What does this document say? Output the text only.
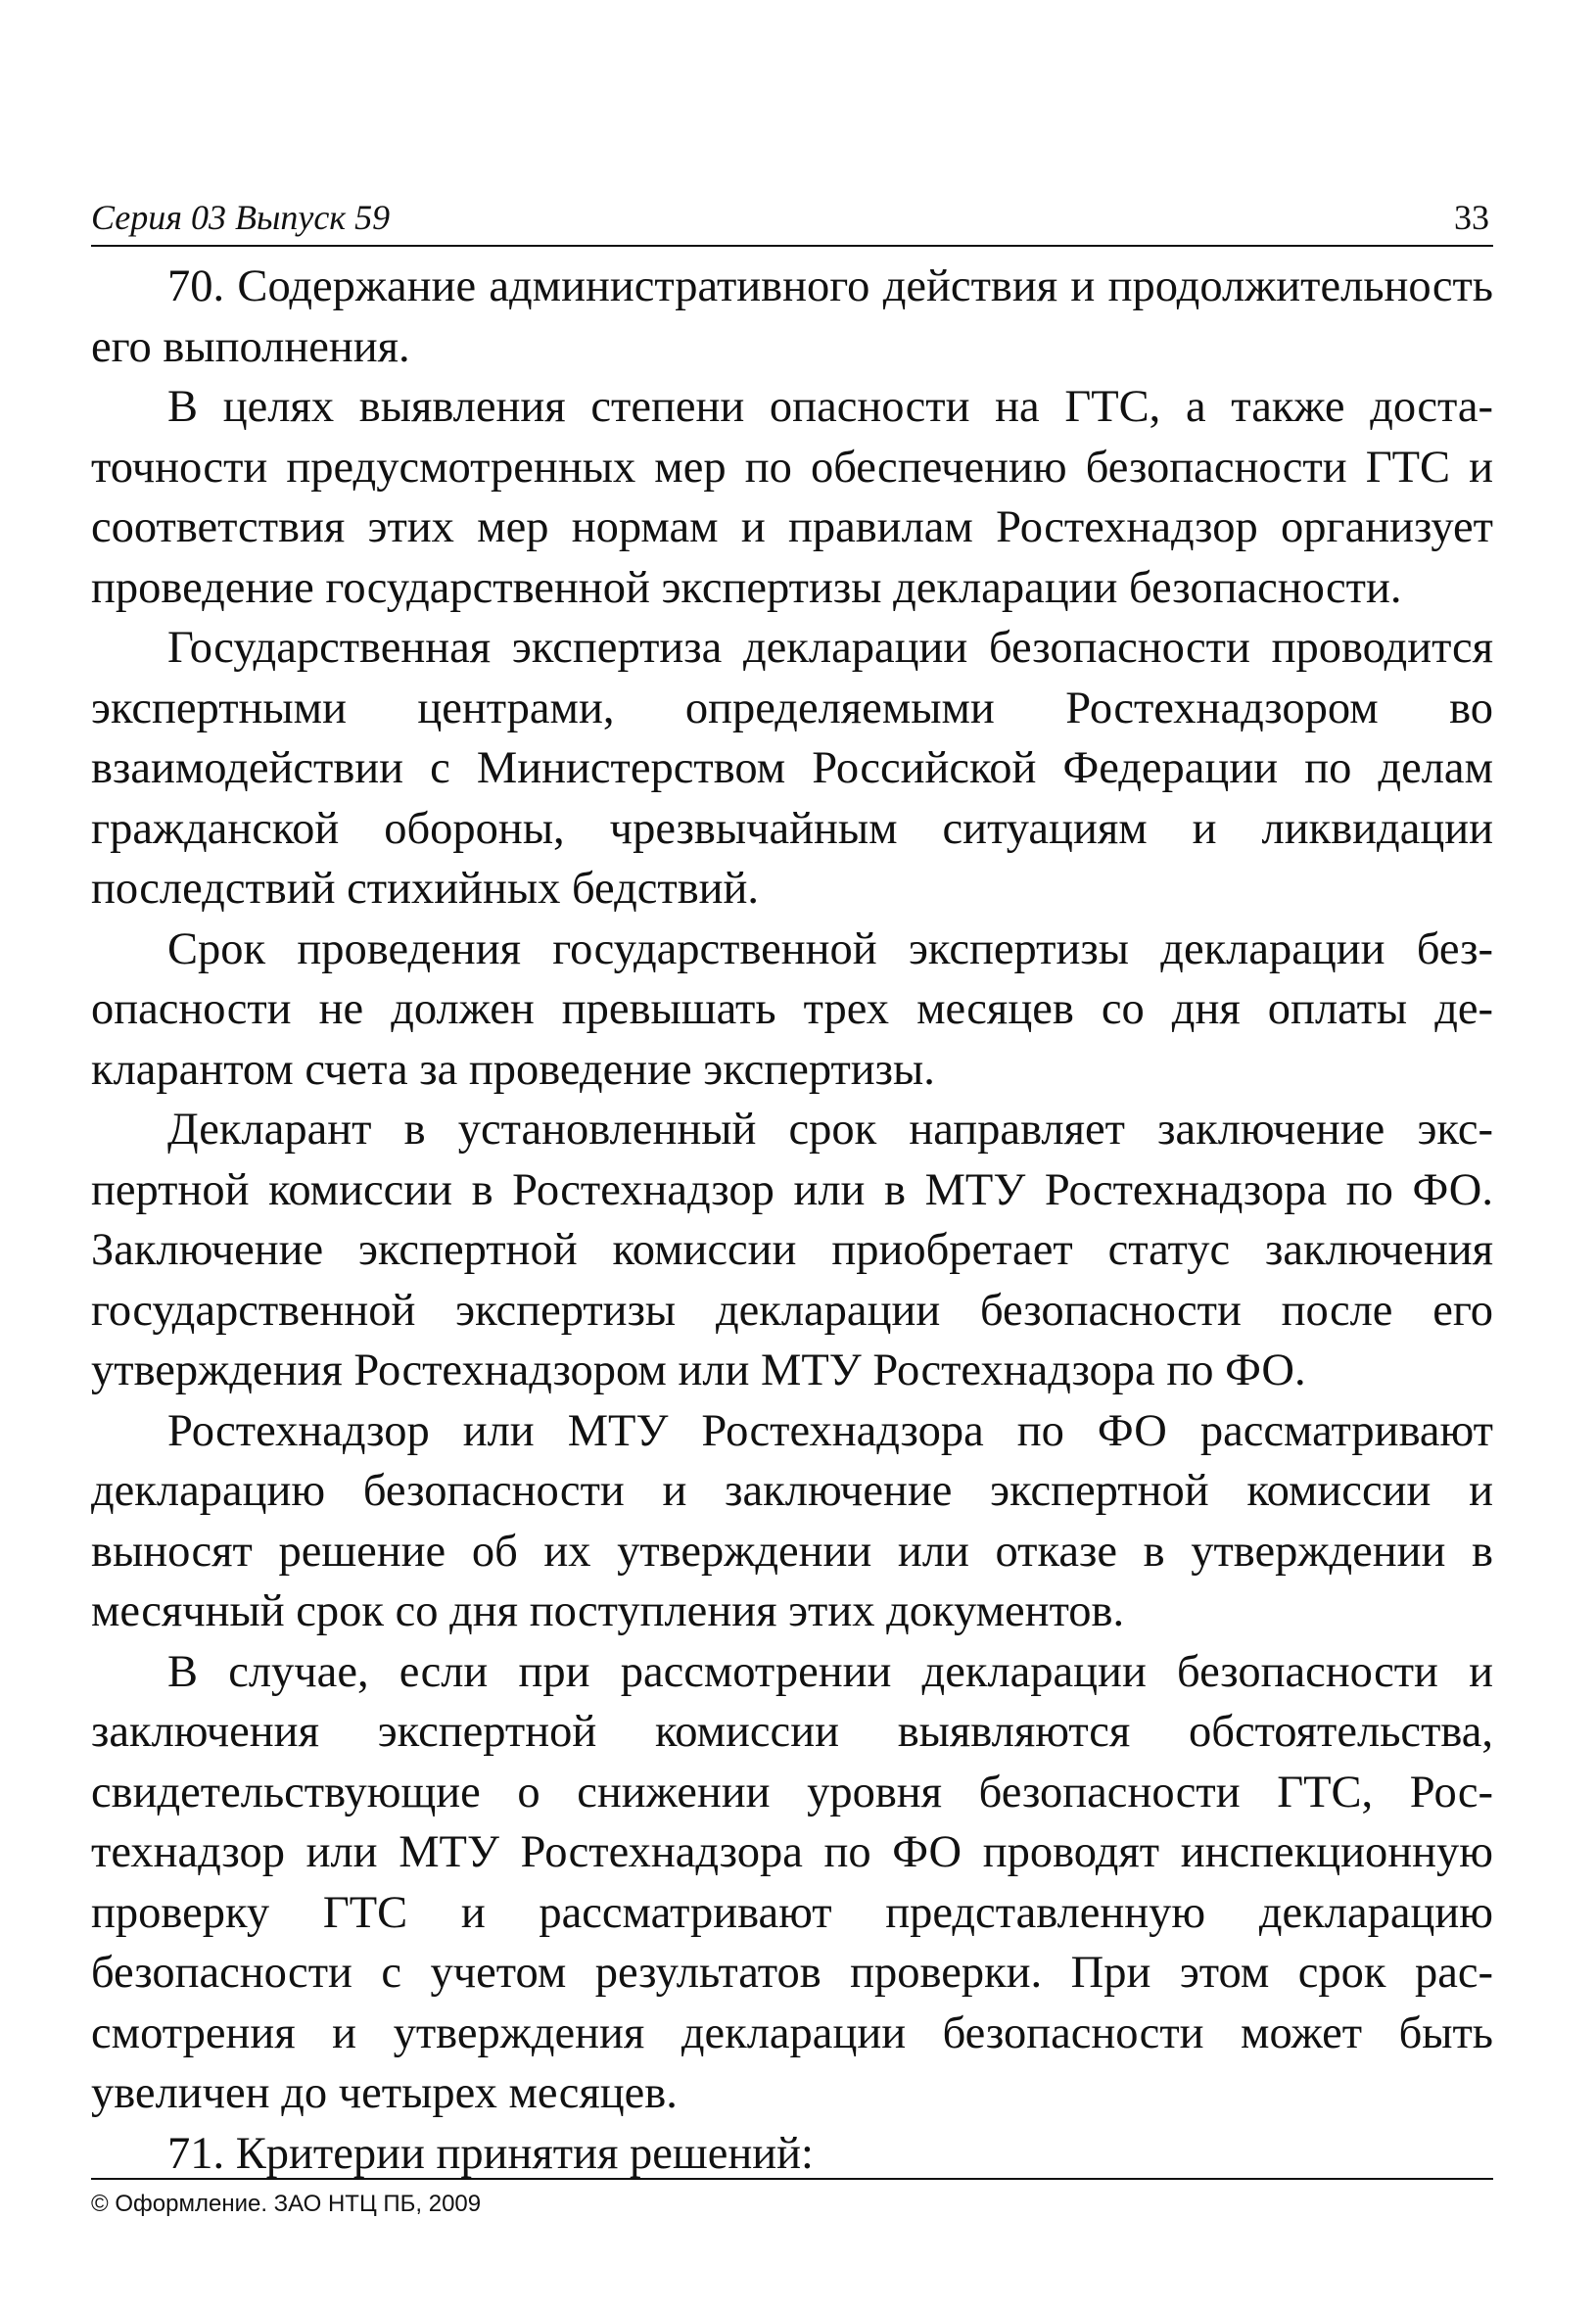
Серия 03 Выпуск 59	33

70. Содержание административного действия и продолжительность его выполнения.

В целях выявления степени опасности на ГТС, а также достаточности предусмотренных мер по обеспечению безопасности ГТС и соответствия этих мер нормам и правилам Ростехнадзор организует проведение государственной экспертизы декларации безопасности.

Государственная экспертиза декларации безопасности проводится экспертными центрами, определяемыми Ростехнадзором во взаимодействии с Министерством Российской Федерации по делам гражданской обороны, чрезвычайным ситуациям и ликвидации последствий стихийных бедствий.

Срок проведения государственной экспертизы декларации безопасности не должен превышать трех месяцев со дня оплаты декларантом счета за проведение экспертизы.

Декларант в установленный срок направляет заключение экспертной комиссии в Ростехнадзор или в МТУ Ростехнадзора по ФО. Заключение экспертной комиссии приобретает статус заключения государственной экспертизы декларации безопасности после его утверждения Ростехнадзором или МТУ Ростехнадзора по ФО.

Ростехнадзор или МТУ Ростехнадзора по ФО рассматривают декларацию безопасности и заключение экспертной комиссии и выносят решение об их утверждении или отказе в утверждении в месячный срок со дня поступления этих документов.

В случае, если при рассмотрении декларации безопасности и заключения экспертной комиссии выявляются обстоятельства, свидетельствующие о снижении уровня безопасности ГТС, Ростехнадзор или МТУ Ростехнадзора по ФО проводят инспекционную проверку ГТС и рассматривают представленную декларацию безопасности с учетом результатов проверки. При этом срок рассмотрения и утверждения декларации безопасности может быть увеличен до четырех месяцев.

71. Критерии принятия решений:

© Оформление. ЗАО НТЦ ПБ, 2009
